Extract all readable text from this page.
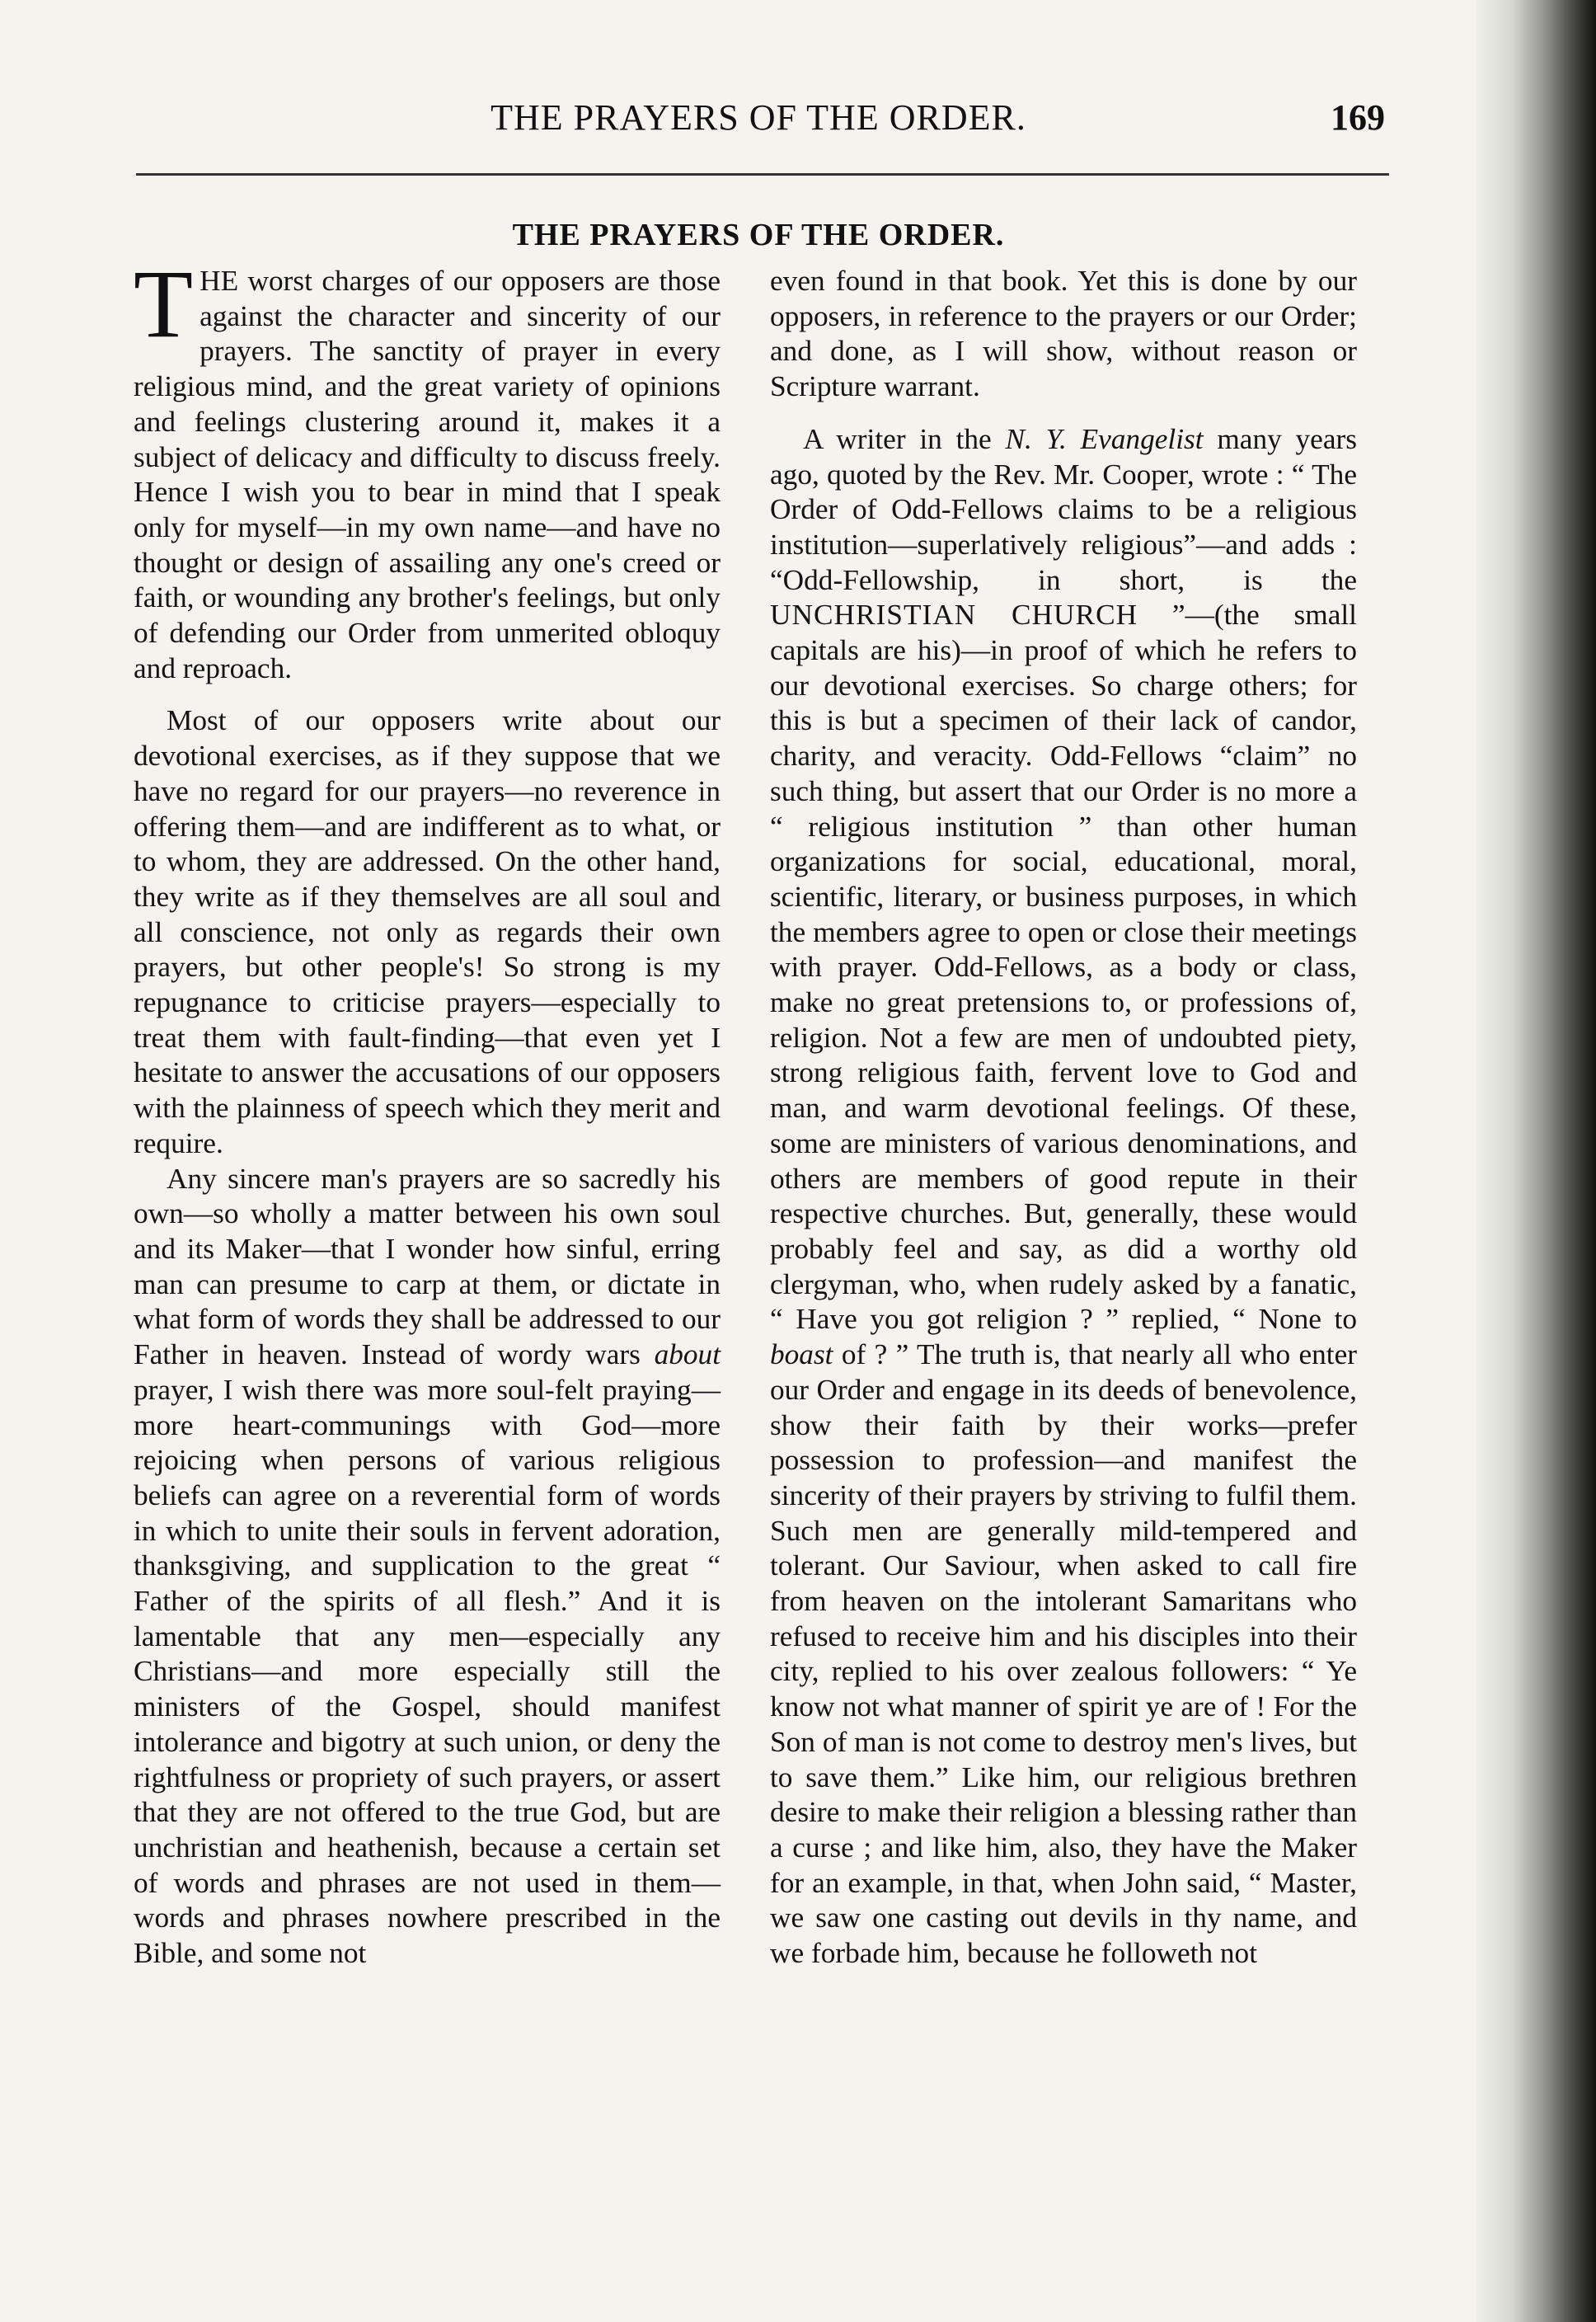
THE PRAYERS OF THE ORDER.	169
THE PRAYERS OF THE ORDER.

THE worst charges of our opposers are those against the character and sincerity of our prayers. The sanctity of prayer in every religious mind, and the great variety of opinions and feelings clustering around it, makes it a subject of delicacy and difficulty to discuss freely. Hence I wish you to bear in mind that I speak only for myself—in my own name—and have no thought or design of assailing any one's creed or faith, or wounding any brother's feelings, but only of defending our Order from unmerited obloquy and reproach.

Most of our opposers write about our devotional exercises, as if they suppose that we have no regard for our prayers—no reverence in offering them—and are indifferent as to what, or to whom, they are addressed. On the other hand, they write as if they themselves are all soul and all conscience, not only as regards their own prayers, but other people's! So strong is my repugnance to criticise prayers—especially to treat them with fault-finding—that even yet I hesitate to answer the accusations of our opposers with the plainness of speech which they merit and require.

Any sincere man's prayers are so sacredly his own—so wholly a matter between his own soul and its Maker—that I wonder how sinful, erring man can presume to carp at them, or dictate in what form of words they shall be addressed to our Father in heaven. Instead of wordy wars about prayer, I wish there was more soul-felt praying—more heart-communings with God—more rejoicing when persons of various religious beliefs can agree on a reverential form of words in which to unite their souls in fervent adoration, thanksgiving, and supplication to the great “ Father of the spirits of all flesh.” And it is lamentable that any men—especially any Christians—and more especially still the ministers of the Gospel, should manifest intolerance and bigotry at such union, or deny the rightfulness or propriety of such prayers, or assert that they are not offered to the true God, but are unchristian and heathenish, because a certain set of words and phrases are not used in them—words and phrases nowhere prescribed in the Bible, and some not

even found in that book. Yet this is done by our opposers, in reference to the prayers or our Order; and done, as I will show, without reason or Scripture warrant.

A writer in the N. Y. Evangelist many years ago, quoted by the Rev. Mr. Cooper, wrote : “ The Order of Odd-Fellows claims to be a religious institution—superlatively religious”—and adds : “Odd-Fellowship, in short, is the UNCHRISTIAN CHURCH ”—(the small capitals are his)—in proof of which he refers to our devotional exercises. So charge others; for this is but a specimen of their lack of candor, charity, and veracity. Odd-Fellows “claim” no such thing, but assert that our Order is no more a “ religious institution ” than other human organizations for social, educational, moral, scientific, literary, or business purposes, in which the members agree to open or close their meetings with prayer. Odd-Fellows, as a body or class, make no great pretensions to, or professions of, religion. Not a few are men of undoubted piety, strong religious faith, fervent love to God and man, and warm devotional feelings. Of these, some are ministers of various denominations, and others are members of good repute in their respective churches. But, generally, these would probably feel and say, as did a worthy old clergyman, who, when rudely asked by a fanatic, “ Have you got religion ? ” replied, “ None to boast of ? ” The truth is, that nearly all who enter our Order and engage in its deeds of benevolence, show their faith by their works—prefer possession to profession—and manifest the sincerity of their prayers by striving to fulfil them. Such men are generally mild-tempered and tolerant. Our Saviour, when asked to call fire from heaven on the intolerant Samaritans who refused to receive him and his disciples into their city, replied to his over zealous followers: “ Ye know not what manner of spirit ye are of ! For the Son of man is not come to destroy men's lives, but to save them.” Like him, our religious brethren desire to make their religion a blessing rather than a curse ; and like him, also, they have the Maker for an example, in that, when John said, “ Master, we saw one casting out devils in thy name, and we forbade him, because he followeth not
